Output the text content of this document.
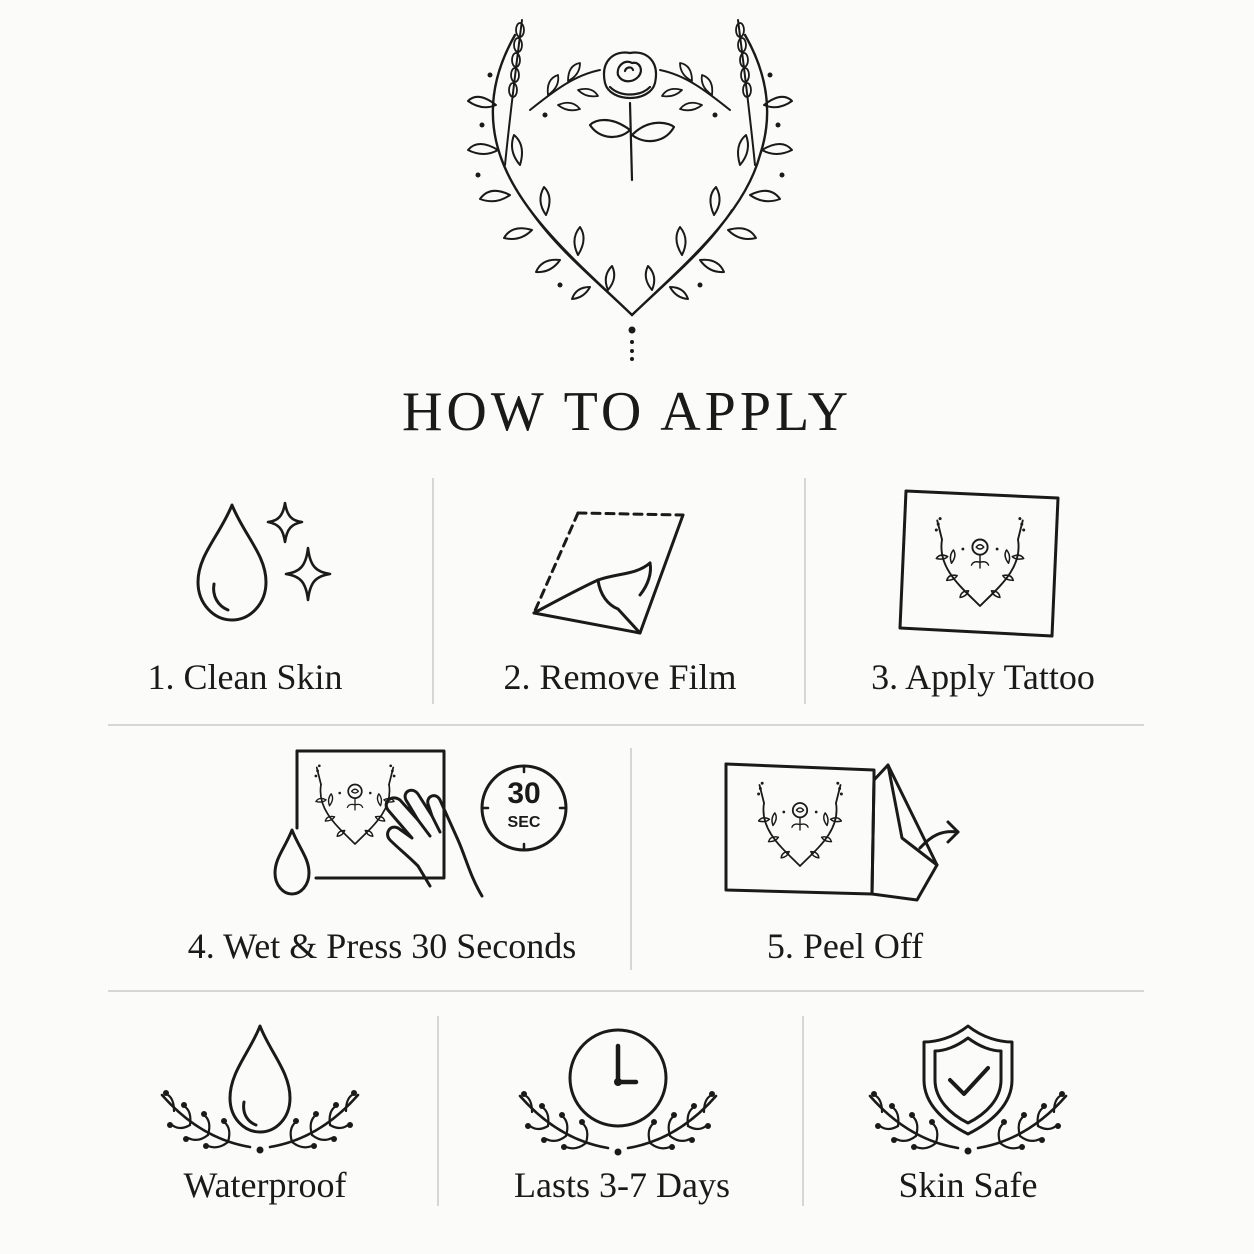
HOW TO APPLY
1. Clean Skin	2. Remove Film	3. Apply Tattoo
30
SEC
4. Wet & Press 30 Seconds	5. Peel Off
Waterproof	Lasts 3-7 Days	Skin Safe
